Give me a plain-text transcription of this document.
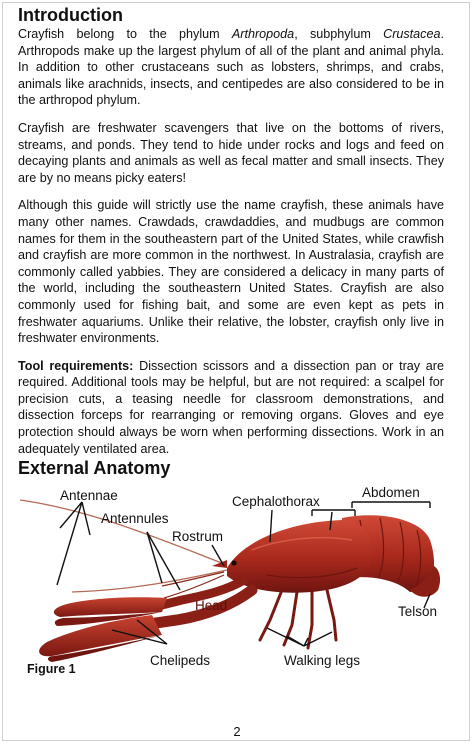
Introduction

Crayfish belong to the phylum Arthropoda, subphylum Crustacea. Arthropods make up the largest phylum of all of the plant and animal phyla. In addition to other crustaceans such as lobsters, shrimps, and crabs, animals like arachnids, insects, and centipedes are also considered to be in the arthropod phylum.

Crayfish are freshwater scavengers that live on the bottoms of rivers, streams, and ponds. They tend to hide under rocks and logs and feed on decaying plants and animals as well as fecal matter and small insects. They are by no means picky eaters!

Although this guide will strictly use the name crayfish, these animals have many other names. Crawdads, crawdaddies, and mudbugs are common names for them in the southeastern part of the United States, while crawfish and crayfish are more common in the northwest. In Australasia, crayfish are commonly called yabbies. They are considered a delicacy in many parts of the world, including the southeastern United States. Crayfish are also commonly used for fishing bait, and some are even kept as pets in freshwater aquariums. Unlike their relative, the lobster, crayfish only live in freshwater environments.

Tool requirements: Dissection scissors and a dissection pan or tray are required. Additional tools may be helpful, but are not required: a scalpel for precision cuts, a teasing needle for classroom demonstrations, and dissection forceps for rearranging or removing organs. Gloves and eye protection should always be worn when performing dissections. Work in an adequately ventilated area.

External Anatomy
Antennae
Antennules
Rostrum
Cephalothorax
Abdomen
Head	Telson
Chelipeds	Walking legs
Figure 1
2
